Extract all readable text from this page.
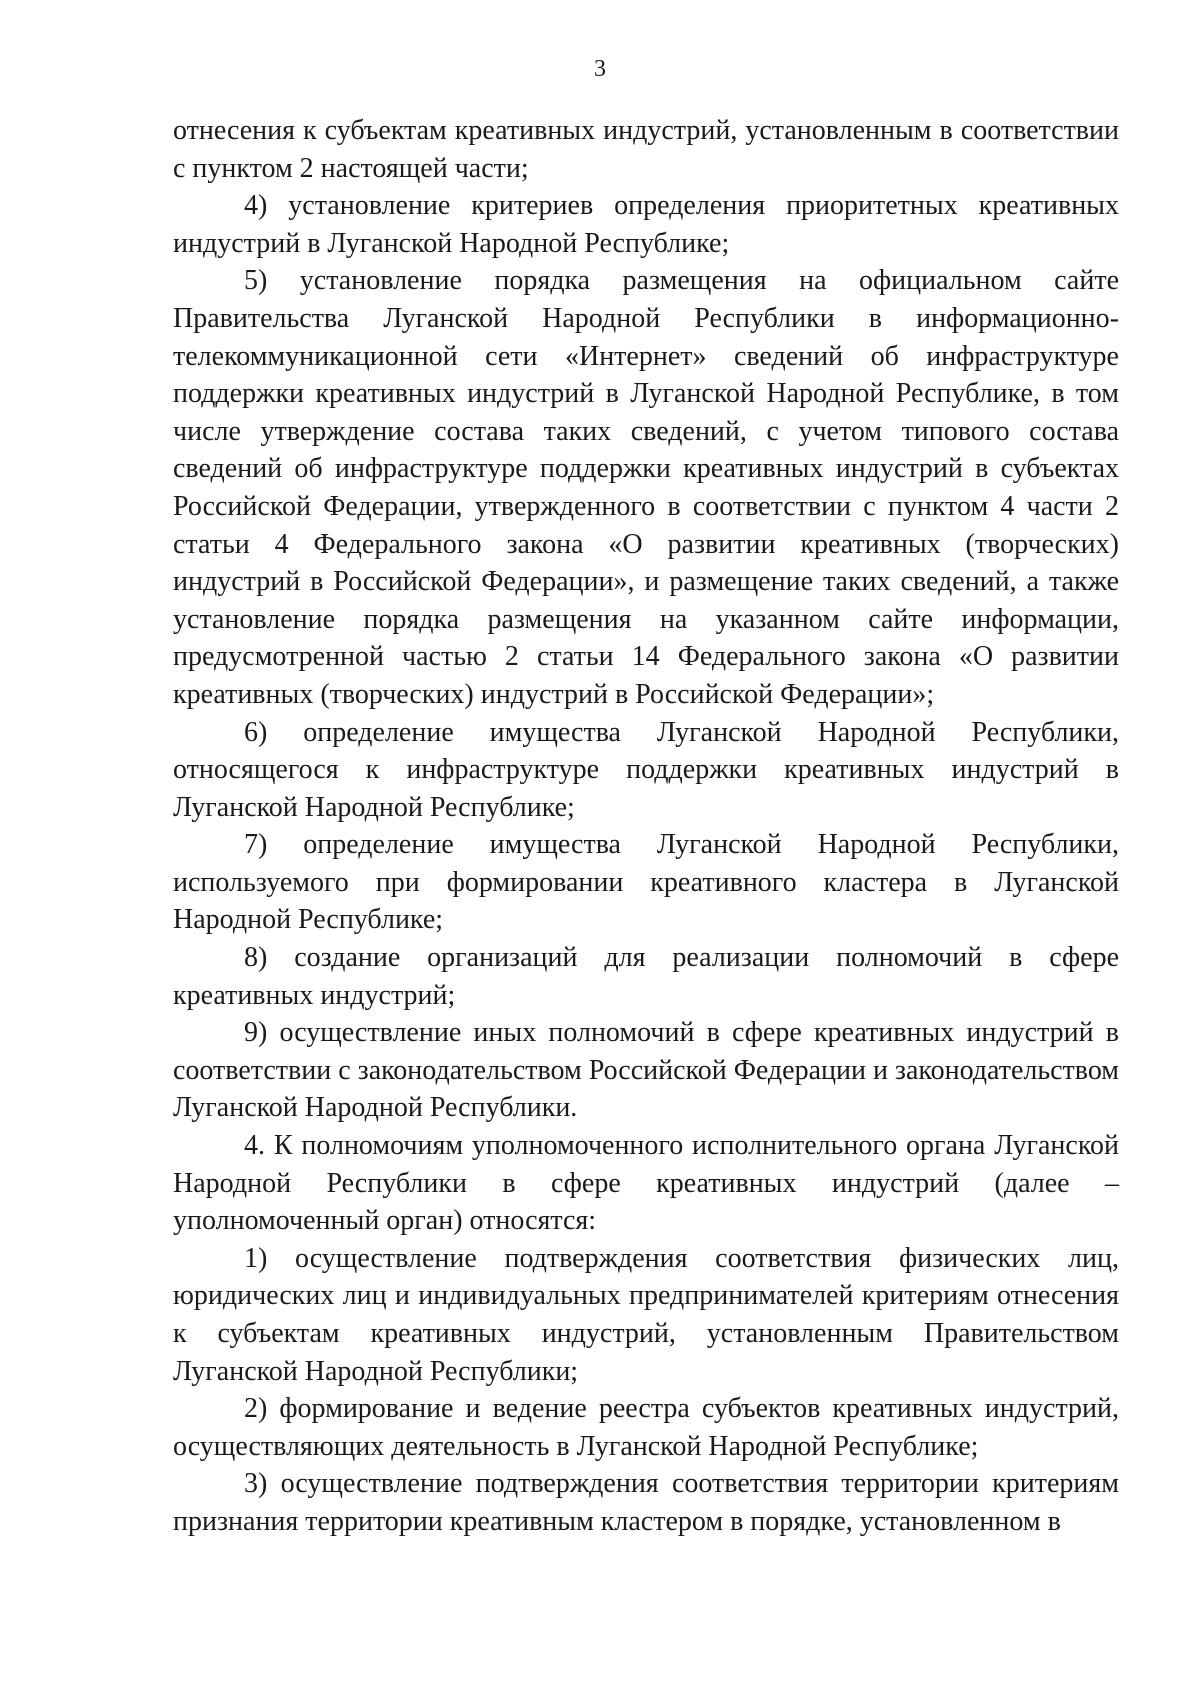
3

отнесения к субъектам креативных индустрий, установленным в соответствии с пунктом 2 настоящей части;

4) установление критериев определения приоритетных креативных индустрий в Луганской Народной Республике;

5) установление порядка размещения на официальном сайте Правительства Луганской Народной Республики в информационно-телекоммуникационной сети «Интернет» сведений об инфраструктуре поддержки креативных индустрий в Луганской Народной Республике, в том числе утверждение состава таких сведений, с учетом типового состава сведений об инфраструктуре поддержки креативных индустрий в субъектах Российской Федерации, утвержденного в соответствии с пунктом 4 части 2 статьи 4 Федерального закона «О развитии креативных (творческих) индустрий в Российской Федерации», и размещение таких сведений, а также установление порядка размещения на указанном сайте информации, предусмотренной частью 2 статьи 14 Федерального закона «О развитии креативных (творческих) индустрий в Российской Федерации»;

6) определение имущества Луганской Народной Республики, относящегося к инфраструктуре поддержки креативных индустрий в Луганской Народной Республике;

7) определение имущества Луганской Народной Республики, используемого при формировании креативного кластера в Луганской Народной Республике;

8) создание организаций для реализации полномочий в сфере креативных индустрий;

9) осуществление иных полномочий в сфере креативных индустрий в соответствии с законодательством Российской Федерации и законодательством Луганской Народной Республики.

4. К полномочиям уполномоченного исполнительного органа Луганской Народной Республики в сфере креативных индустрий (далее – уполномоченный орган) относятся:

1) осуществление подтверждения соответствия физических лиц, юридических лиц и индивидуальных предпринимателей критериям отнесения к субъектам креативных индустрий, установленным Правительством Луганской Народной Республики;

2) формирование и ведение реестра субъектов креативных индустрий, осуществляющих деятельность в Луганской Народной Республике;

3) осуществление подтверждения соответствия территории критериям признания территории креативным кластером в порядке, установленном в
